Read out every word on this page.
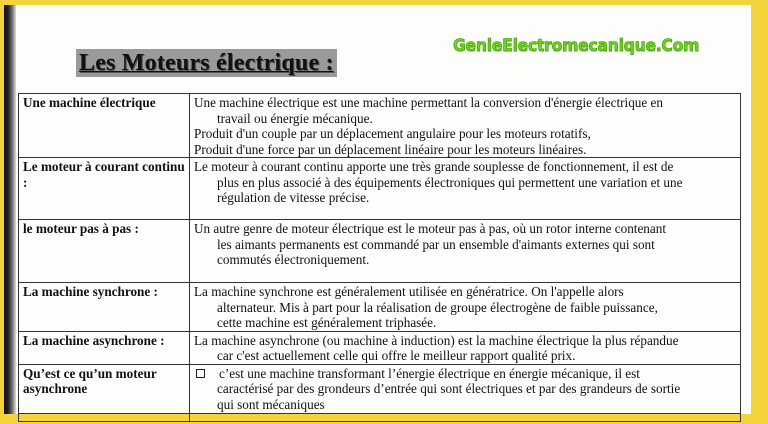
Les Moteurs électrique :
GenieElectromecanique.Com
Une machine électrique	Une machine électrique est une machine permettant la conversion d'énergie électrique en
travail ou énergie mécanique.
Produit d'un couple par un déplacement angulaire pour les moteurs rotatifs,
Produit d'une force par un déplacement linéaire pour les moteurs linéaires.

Le moteur à courant continu :	Le moteur à courant continu apporte une très grande souplesse de fonctionnement, il est de
plus en plus associé à des équipements électroniques qui permettent une variation et une
régulation de vitesse précise.

le moteur pas à pas :	Un autre genre de moteur électrique est le moteur pas à pas, où un rotor interne contenant
les aimants permanents est commandé par un ensemble d'aimants externes qui sont
commutés électroniquement.

La machine synchrone :	La machine synchrone est généralement utilisée en génératrice. On l'appelle alors
alternateur. Mis à part pour la réalisation de groupe électrogène de faible puissance,
cette machine est généralement triphasée.

La machine asynchrone :	La machine asynchrone (ou machine à induction) est la machine électrique la plus répandue
car c'est actuellement celle qui offre le meilleur rapport qualité prix.

Qu’est ce qu’un moteur asynchrone	c’est une machine transformant l’énergie électrique en énergie mécanique, il est
caractérisé par des grondeurs d’entrée qui sont électriques et par des grandeurs de sortie
qui sont mécaniques
